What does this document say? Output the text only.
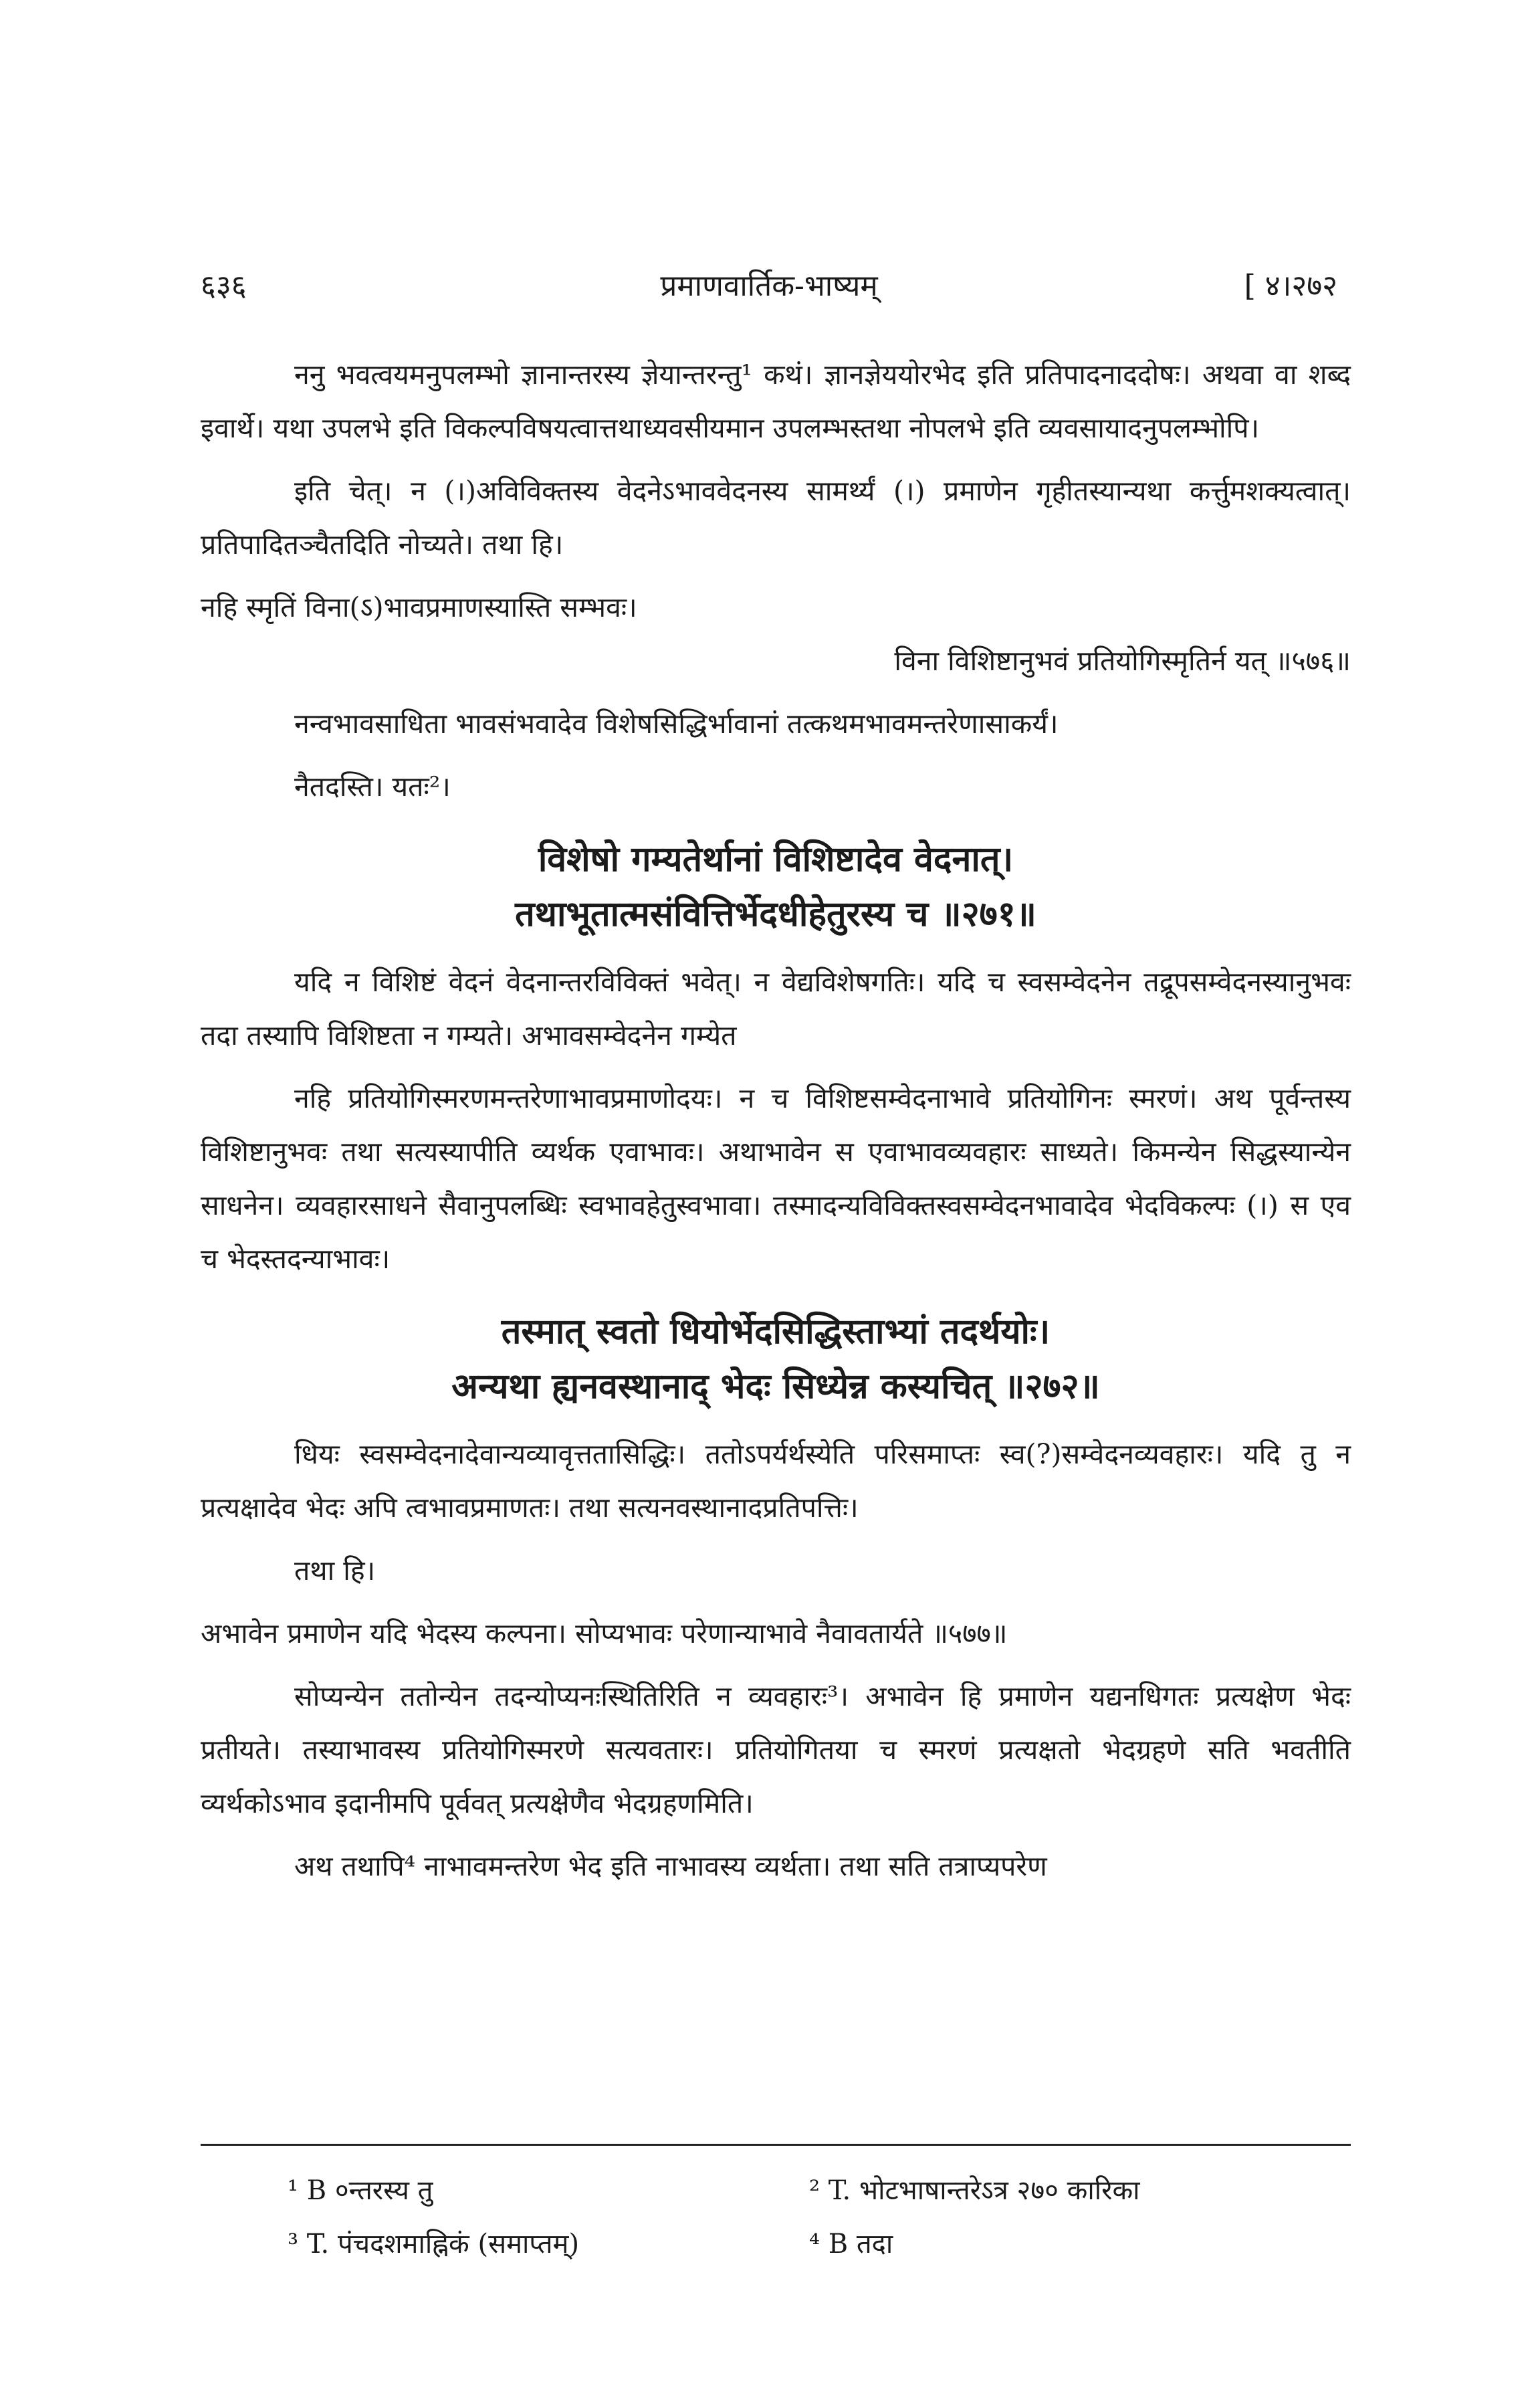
६३६	प्रमाणवार्तिक-भाष्यम्	[ ४।२७२

ननु भवत्वयमनुपलम्भो ज्ञानान्तरस्य ज्ञेयान्तरन्तु¹ कथं। ज्ञानज्ञेययोरभेद इति प्रतिपादनाददोषः। अथवा वा शब्द इवार्थे। यथा उपलभे इति विकल्पविषयत्वात्तथाध्यवसीयमान उपलम्भस्तथा नोपलभे इति व्यवसायादनुपलम्भोपि।

इति चेत्। न (।)अविविक्तस्य वेदनेऽभाववेदनस्य सामर्थ्यं (।) प्रमाणेन गृहीतस्यान्यथा कर्त्तुमशक्यत्वात्। प्रतिपादितञ्चैतदिति नोच्यते। तथा हि।

नहि स्मृतिं विना(ऽ)भावप्रमाणस्यास्ति सम्भवः।

विना विशिष्टानुभवं प्रतियोगिस्मृतिर्न यत् ॥५७६॥

नन्वभावसाधिता भावसंभवादेव विशेषसिद्धिर्भावानां तत्कथमभावमन्तरेणासाकर्यं।

नैतदस्ति। यतः²।

विशेषो गम्यतेर्थानां विशिष्टादेव वेदनात्।
तथाभूतात्मसंवित्तिर्भेदधीहेतुरस्य च ॥२७१॥

यदि न विशिष्टं वेदनं वेदनान्तरविविक्तं भवेत्। न वेद्यविशेषगतिः। यदि च स्वसम्वेदनेन तद्रूपसम्वेदनस्यानुभवः तदा तस्यापि विशिष्टता न गम्यते। अभावसम्वेदनेन गम्येत

नहि प्रतियोगिस्मरणमन्तरेणाभावप्रमाणोदयः। न च विशिष्टसम्वेदनाभावे प्रतियोगिनः स्मरणं। अथ पूर्वन्तस्य विशिष्टानुभवः तथा सत्यस्यापीति व्यर्थक एवाभावः। अथाभावेन स एवाभावव्यवहारः साध्यते। किमन्येन सिद्धस्यान्येन साधनेन। व्यवहारसाधने सैवानुपलब्धिः स्वभावहेतुस्वभावा। तस्मादन्यविविक्तस्वसम्वेदनभावादेव भेदविकल्पः (।) स एव च भेदस्तदन्याभावः।

तस्मात् स्वतो धियोर्भेदसिद्धिस्ताभ्यां तदर्थयोः।
अन्यथा ह्यनवस्थानाद् भेदः सिध्येन्न कस्यचित् ॥२७२॥

धियः स्वसम्वेदनादेवान्यव्यावृत्ततासिद्धिः। ततोऽपर्यर्थस्येति परिसमाप्तः स्व(?)सम्वेदनव्यवहारः। यदि तु न प्रत्यक्षादेव भेदः अपि त्वभावप्रमाणतः। तथा सत्यनवस्थानादप्रतिपत्तिः।

तथा हि।

अभावेन प्रमाणेन यदि भेदस्य कल्पना। सोप्यभावः परेणान्याभावे नैवावतार्यते ॥५७७॥

सोप्यन्येन ततोन्येन तदन्योप्यनःस्थितिरिति न व्यवहारः³। अभावेन हि प्रमाणेन यद्यनधिगतः प्रत्यक्षेण भेदः प्रतीयते। तस्याभावस्य प्रतियोगिस्मरणे सत्यवतारः। प्रतियोगितया च स्मरणं प्रत्यक्षतो भेदग्रहणे सति भवतीति व्यर्थकोऽभाव इदानीमपि पूर्ववत् प्रत्यक्षेणैव भेदग्रहणमिति।

अथ तथापि⁴ नाभावमन्तरेण भेद इति नाभावस्य व्यर्थता। तथा सति तत्राप्यपरेण

¹ B ०न्तरस्य तु	² T. भोटभाषान्तरेऽत्र २७० कारिका
³ T. पंचदशमाह्निकं (समाप्तम्)	⁴ B तदा
